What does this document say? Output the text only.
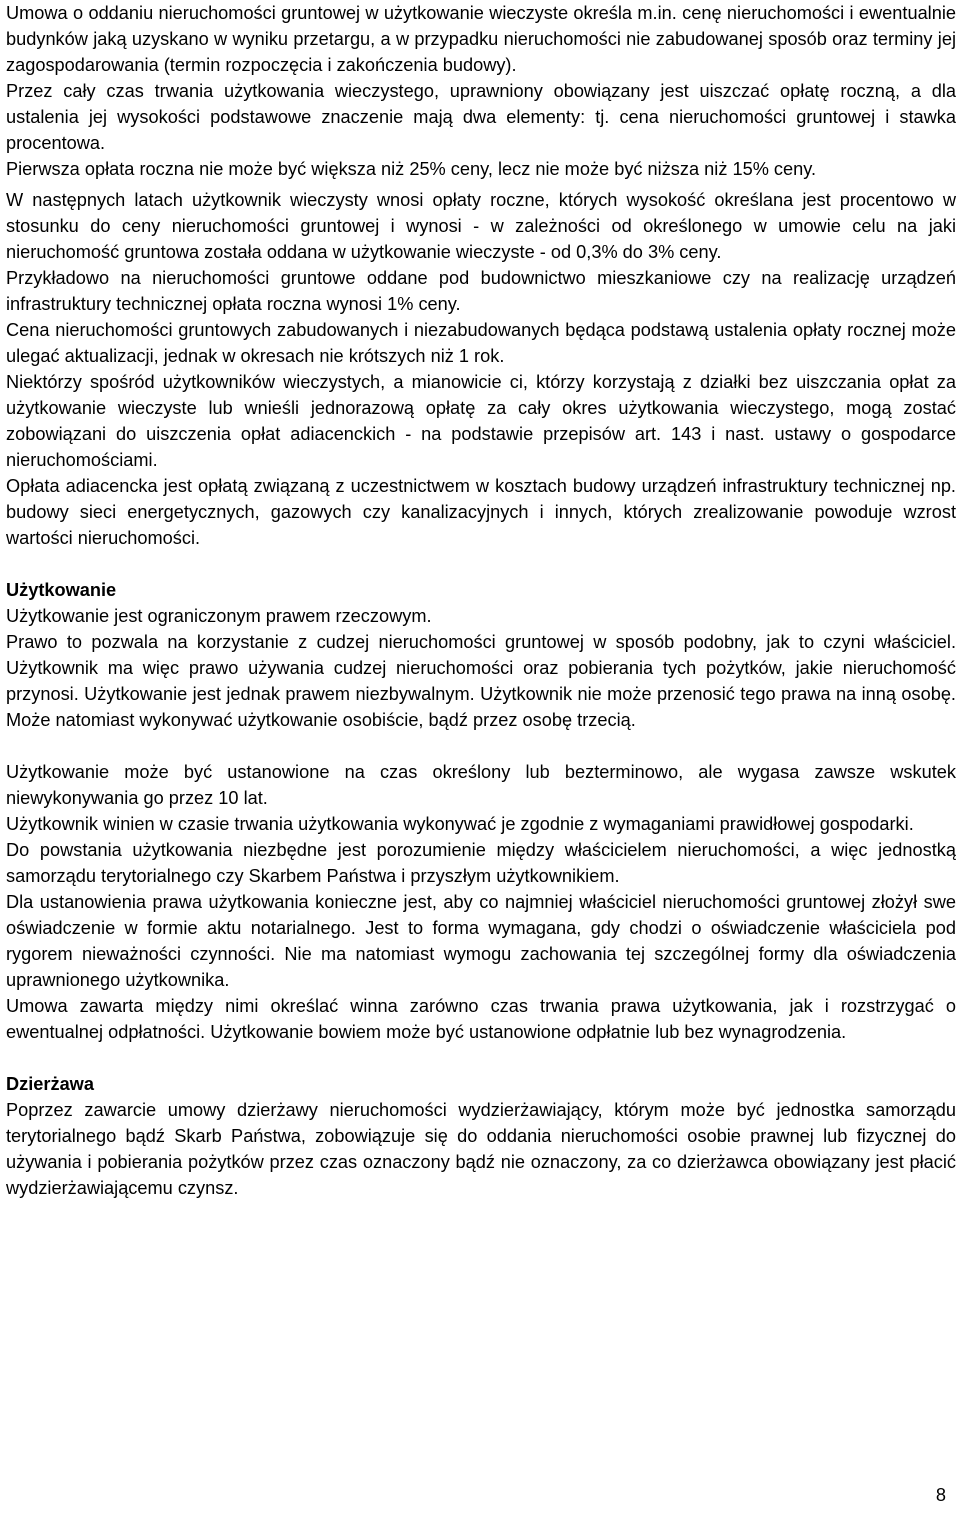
Umowa o oddaniu nieruchomości gruntowej w użytkowanie wieczyste określa m.in. cenę nieruchomości i ewentualnie budynków jaką uzyskano w wyniku przetargu, a w przypadku nieruchomości nie zabudowanej sposób oraz terminy jej zagospodarowania (termin rozpoczęcia i zakończenia budowy).

Przez cały czas trwania użytkowania wieczystego, uprawniony obowiązany jest uiszczać opłatę roczną, a dla ustalenia jej wysokości podstawowe znaczenie mają dwa elementy: tj. cena nieruchomości gruntowej i stawka procentowa.

Pierwsza opłata roczna nie może być większa niż 25% ceny, lecz nie może być niższa niż 15% ceny.

W następnych latach użytkownik wieczysty wnosi opłaty roczne, których wysokość określana jest procentowo w stosunku do ceny nieruchomości gruntowej i wynosi - w zależności od określonego w umowie celu na jaki nieruchomość gruntowa została oddana w użytkowanie wieczyste - od 0,3% do 3% ceny.

Przykładowo na nieruchomości gruntowe oddane pod budownictwo mieszkaniowe czy na realizację urządzeń infrastruktury technicznej opłata roczna wynosi 1% ceny.

Cena nieruchomości gruntowych zabudowanych i niezabudowanych będąca podstawą ustalenia opłaty rocznej może ulegać aktualizacji, jednak w okresach nie krótszych niż 1 rok.

Niektórzy spośród użytkowników wieczystych, a mianowicie ci, którzy korzystają z działki bez uiszczania opłat za użytkowanie wieczyste lub wnieśli jednorazową opłatę za cały okres użytkowania wieczystego, mogą zostać zobowiązani do uiszczenia opłat adiacenckich - na podstawie przepisów art. 143 i nast. ustawy o gospodarce nieruchomościami.

Opłata adiacencka jest opłatą związaną z uczestnictwem w kosztach budowy urządzeń infrastruktury technicznej np. budowy sieci energetycznych, gazowych czy kanalizacyjnych i innych, których zrealizowanie powoduje wzrost wartości nieruchomości.

Użytkowanie

Użytkowanie jest ograniczonym prawem rzeczowym.

Prawo to pozwala na korzystanie z cudzej nieruchomości gruntowej w sposób podobny, jak to czyni właściciel. Użytkownik ma więc prawo używania cudzej nieruchomości oraz pobierania tych pożytków, jakie nieruchomość przynosi. Użytkowanie jest jednak prawem niezbywalnym. Użytkownik nie może przenosić tego prawa na inną osobę. Może natomiast wykonywać użytkowanie osobiście, bądź przez osobę trzecią.

Użytkowanie może być ustanowione na czas określony lub bezterminowo, ale wygasa zawsze wskutek niewykonywania go przez 10 lat.

Użytkownik winien w czasie trwania użytkowania wykonywać je zgodnie z wymaganiami prawidłowej gospodarki.

Do powstania użytkowania niezbędne jest porozumienie między właścicielem nieruchomości, a więc jednostką samorządu terytorialnego czy Skarbem Państwa i przyszłym użytkownikiem.

Dla ustanowienia prawa użytkowania konieczne jest, aby co najmniej właściciel nieruchomości gruntowej złożył swe oświadczenie w formie aktu notarialnego. Jest to forma wymagana, gdy chodzi o oświadczenie właściciela pod rygorem nieważności czynności. Nie ma natomiast wymogu zachowania tej szczególnej formy dla oświadczenia uprawnionego użytkownika.

Umowa zawarta między nimi określać winna zarówno czas trwania prawa użytkowania, jak i rozstrzygać o ewentualnej odpłatności. Użytkowanie bowiem może być ustanowione odpłatnie lub bez wynagrodzenia.

Dzierżawa

Poprzez zawarcie umowy dzierżawy nieruchomości wydzierżawiający, którym może być jednostka samorządu terytorialnego bądź Skarb Państwa, zobowiązuje się do oddania nieruchomości osobie prawnej lub fizycznej do używania i pobierania pożytków przez czas oznaczony bądź nie oznaczony, za co dzierżawca obowiązany jest płacić wydzierżawiającemu czynsz.

8
